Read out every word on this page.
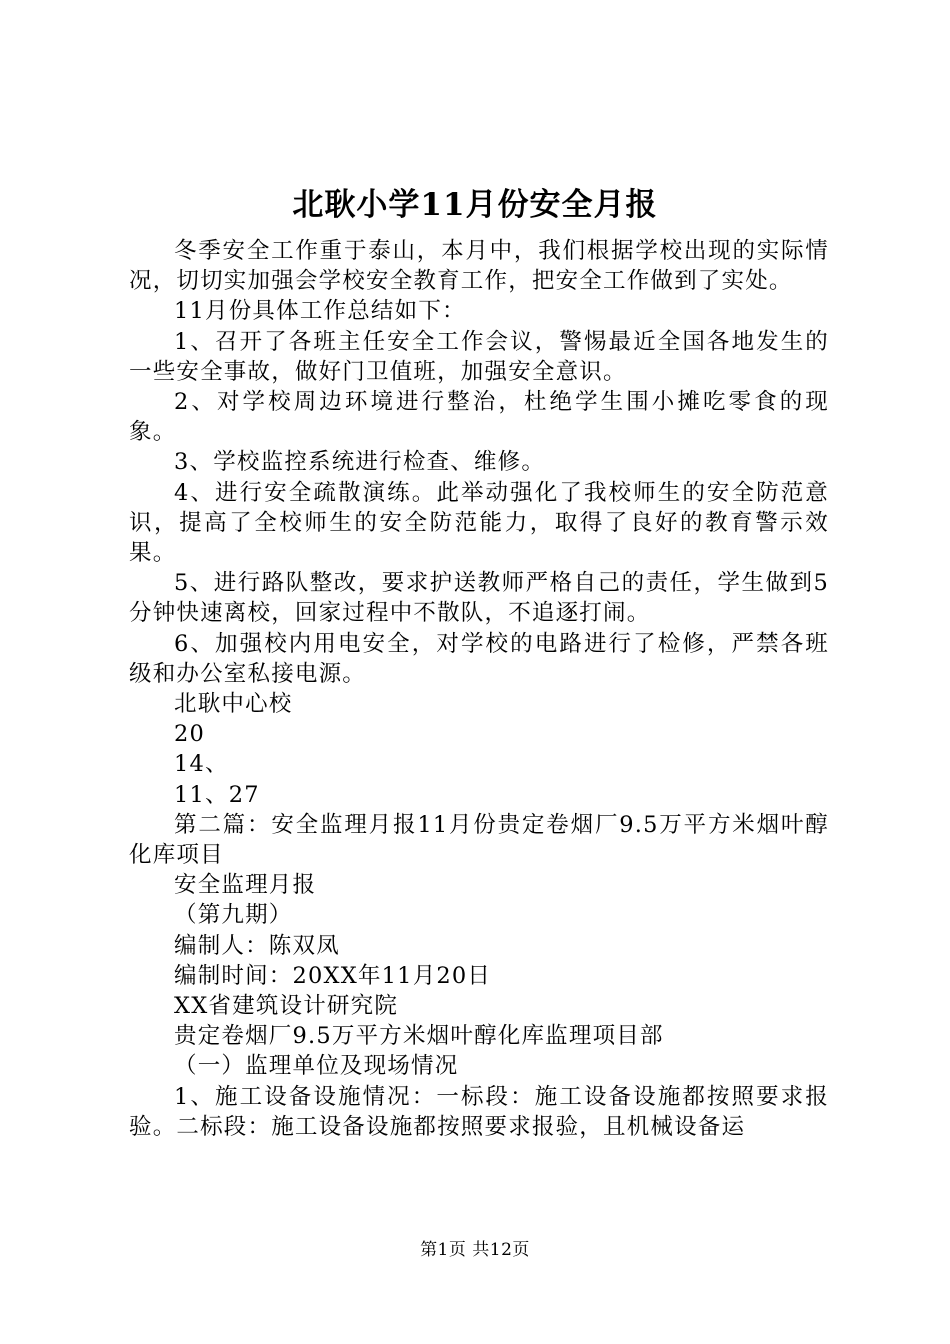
北耿小学11月份安全月报

冬季安全工作重于泰山，本月中，我们根据学校出现的实际情况，切切实加强会学校安全教育工作，把安全工作做到了实处。

11月份具体工作总结如下：

1、召开了各班主任安全工作会议，警惕最近全国各地发生的一些安全事故，做好门卫值班，加强安全意识。

2、对学校周边环境进行整治，杜绝学生围小摊吃零食的现象。

3、学校监控系统进行检查、维修。

4、进行安全疏散演练。此举动强化了我校师生的安全防范意识，提高了全校师生的安全防范能力，取得了良好的教育警示效果。

5、进行路队整改，要求护送教师严格自己的责任，学生做到5分钟快速离校，回家过程中不散队，不追逐打闹。

6、加强校内用电安全，对学校的电路进行了检修，严禁各班级和办公室私接电源。

北耿中心校

20

14、

11、27

第二篇：安全监理月报11月份贵定卷烟厂9.5万平方米烟叶醇化库项目

安全监理月报

（第九期）

编制人：陈双凤

编制时间：20XX年11月20日

XX省建筑设计研究院

贵定卷烟厂9.5万平方米烟叶醇化库监理项目部

（一）监理单位及现场情况

1、施工设备设施情况：一标段：施工设备设施都按照要求报验。二标段：施工设备设施都按照要求报验，且机械设备运

第1页 共12页
